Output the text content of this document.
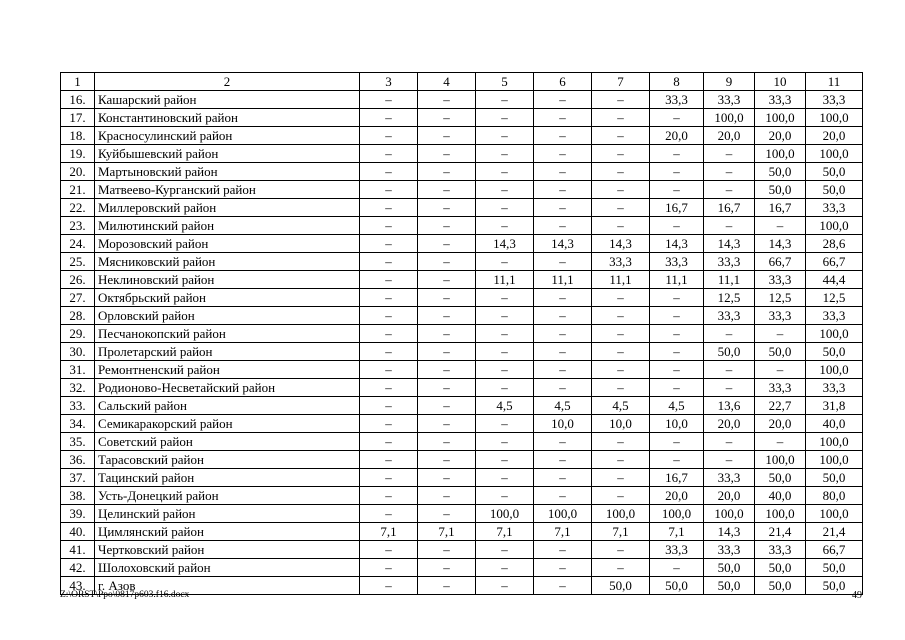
1	2	3	4	5	6	7	8	9	10	11
16.	Кашарский район	–	–	–	–	–	33,3	33,3	33,3	33,3
17.	Константиновский район	–	–	–	–	–	–	100,0	100,0	100,0
18.	Красносулинский район	–	–	–	–	–	20,0	20,0	20,0	20,0
19.	Куйбышевский район	–	–	–	–	–	–	–	100,0	100,0
20.	Мартыновский район	–	–	–	–	–	–	–	50,0	50,0
21.	Матвеево-Курганский район	–	–	–	–	–	–	–	50,0	50,0
22.	Миллеровский район	–	–	–	–	–	16,7	16,7	16,7	33,3
23.	Милютинский район	–	–	–	–	–	–	–	–	100,0
24.	Морозовский район	–	–	14,3	14,3	14,3	14,3	14,3	14,3	28,6
25.	Мясниковский район	–	–	–	–	33,3	33,3	33,3	66,7	66,7
26.	Неклиновский район	–	–	11,1	11,1	11,1	11,1	11,1	33,3	44,4
27.	Октябрьский район	–	–	–	–	–	–	12,5	12,5	12,5
28.	Орловский район	–	–	–	–	–	–	33,3	33,3	33,3
29.	Песчанокопский район	–	–	–	–	–	–	–	–	100,0
30.	Пролетарский район	–	–	–	–	–	–	50,0	50,0	50,0
31.	Ремонтненский район	–	–	–	–	–	–	–	–	100,0
32.	Родионово-Несветайский район	–	–	–	–	–	–	–	33,3	33,3
33.	Сальский район	–	–	4,5	4,5	4,5	4,5	13,6	22,7	31,8
34.	Семикаракорский район	–	–	–	10,0	10,0	10,0	20,0	20,0	40,0
35.	Советский район	–	–	–	–	–	–	–	–	100,0
36.	Тарасовский район	–	–	–	–	–	–	–	100,0	100,0
37.	Тацинский район	–	–	–	–	–	16,7	33,3	50,0	50,0
38.	Усть-Донецкий район	–	–	–	–	–	20,0	20,0	40,0	80,0
39.	Целинский район	–	–	100,0	100,0	100,0	100,0	100,0	100,0	100,0
40.	Цимлянский район	7,1	7,1	7,1	7,1	7,1	7,1	14,3	21,4	21,4
41.	Чертковский район	–	–	–	–	–	33,3	33,3	33,3	66,7
42.	Шолоховский район	–	–	–	–	–	–	50,0	50,0	50,0
43.	г. Азов	–	–	–	–	50,0	50,0	50,0	50,0	50,0
Z:\ORST\Ppo\0817p603.f16.docx	49
